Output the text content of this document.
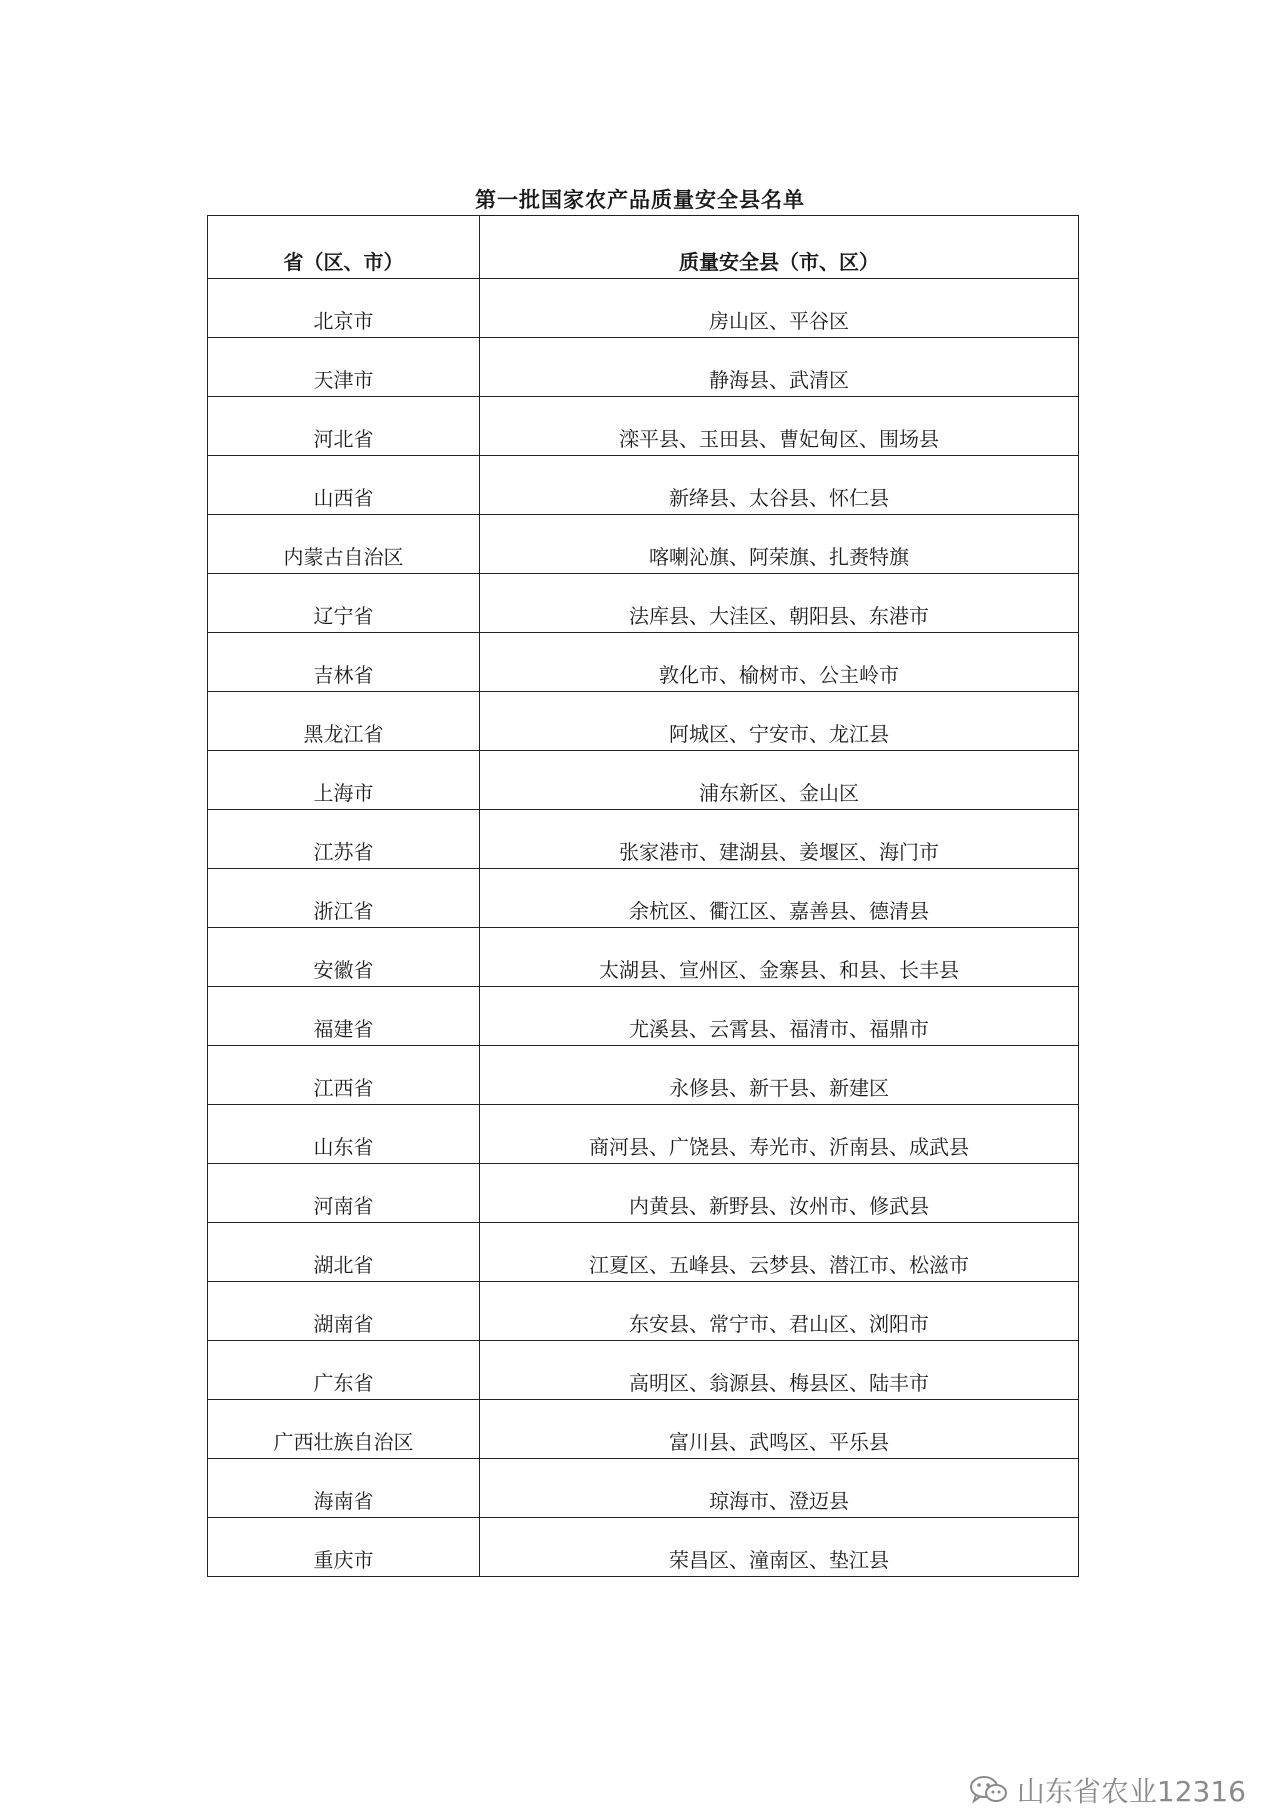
第一批国家农产品质量安全县名单
省（区、市）	质量安全县（市、区）
北京市	房山区、平谷区
天津市	静海县、武清区
河北省	滦平县、玉田县、曹妃甸区、围场县
山西省	新绛县、太谷县、怀仁县
内蒙古自治区	喀喇沁旗、阿荣旗、扎赉特旗
辽宁省	法库县、大洼区、朝阳县、东港市
吉林省	敦化市、榆树市、公主岭市
黑龙江省	阿城区、宁安市、龙江县
上海市	浦东新区、金山区
江苏省	张家港市、建湖县、姜堰区、海门市
浙江省	余杭区、衢江区、嘉善县、德清县
安徽省	太湖县、宣州区、金寨县、和县、长丰县
福建省	尤溪县、云霄县、福清市、福鼎市
江西省	永修县、新干县、新建区
山东省	商河县、广饶县、寿光市、沂南县、成武县
河南省	内黄县、新野县、汝州市、修武县
湖北省	江夏区、五峰县、云梦县、潜江市、松滋市
湖南省	东安县、常宁市、君山区、浏阳市
广东省	高明区、翁源县、梅县区、陆丰市
广西壮族自治区	富川县、武鸣区、平乐县
海南省	琼海市、澄迈县
重庆市	荣昌区、潼南区、垫江县
山东省农业12316
